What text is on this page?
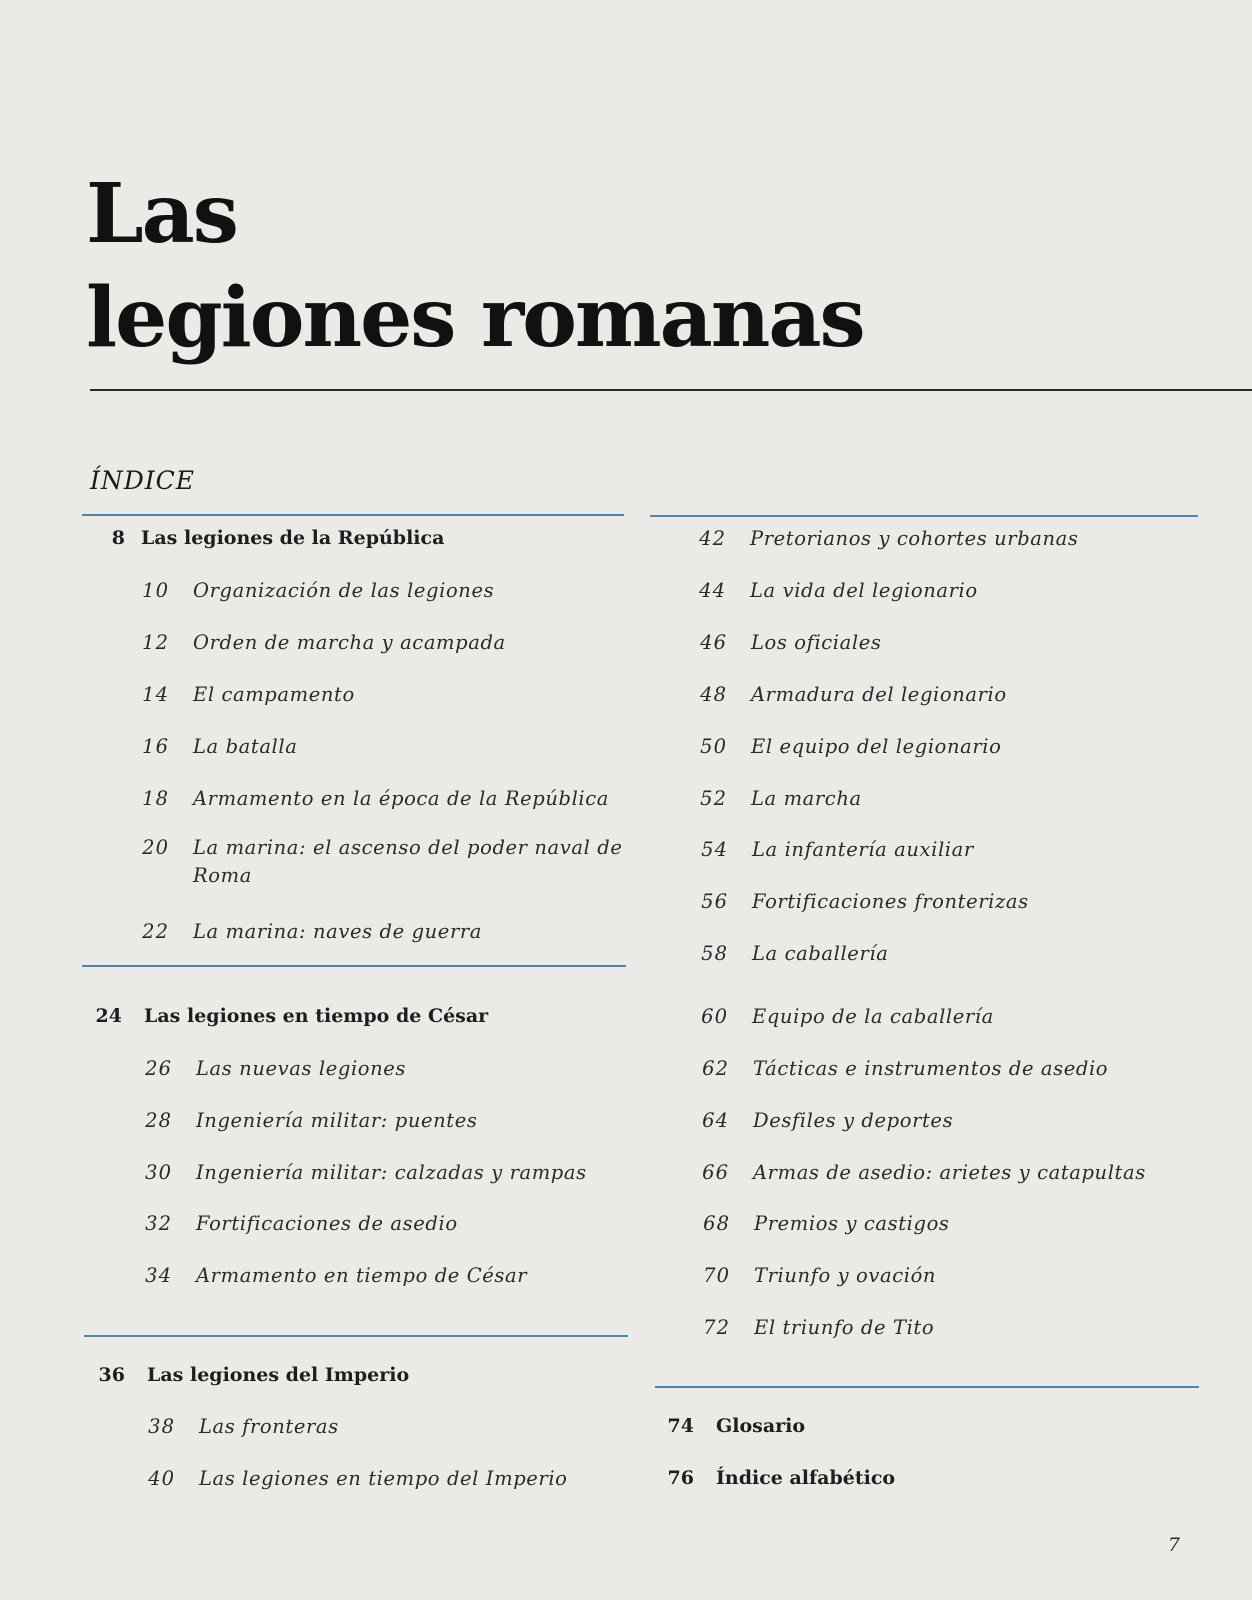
Las
legiones romanas
ÍNDICE
8 Las legiones de la República
10 Organización de las legiones
12 Orden de marcha y acampada
14 El campamento
16 La batalla
18 Armamento en la época de la República
20 La marina: el ascenso del poder naval de Roma
22 La marina: naves de guerra
24 Las legiones en tiempo de César
26 Las nuevas legiones
28 Ingeniería militar: puentes
30 Ingeniería militar: calzadas y rampas
32 Fortificaciones de asedio
34 Armamento en tiempo de César
36 Las legiones del Imperio
38 Las fronteras
40 Las legiones en tiempo del Imperio
42 Pretorianos y cohortes urbanas
44 La vida del legionario
46 Los oficiales
48 Armadura del legionario
50 El equipo del legionario
52 La marcha
54 La infantería auxiliar
56 Fortificaciones fronterizas
58 La caballería
60 Equipo de la caballería
62 Tácticas e instrumentos de asedio
64 Desfiles y deportes
66 Armas de asedio: arietes y catapultas
68 Premios y castigos
70 Triunfo y ovación
72 El triunfo de Tito
74 Glosario
76 Índice alfabético
7
